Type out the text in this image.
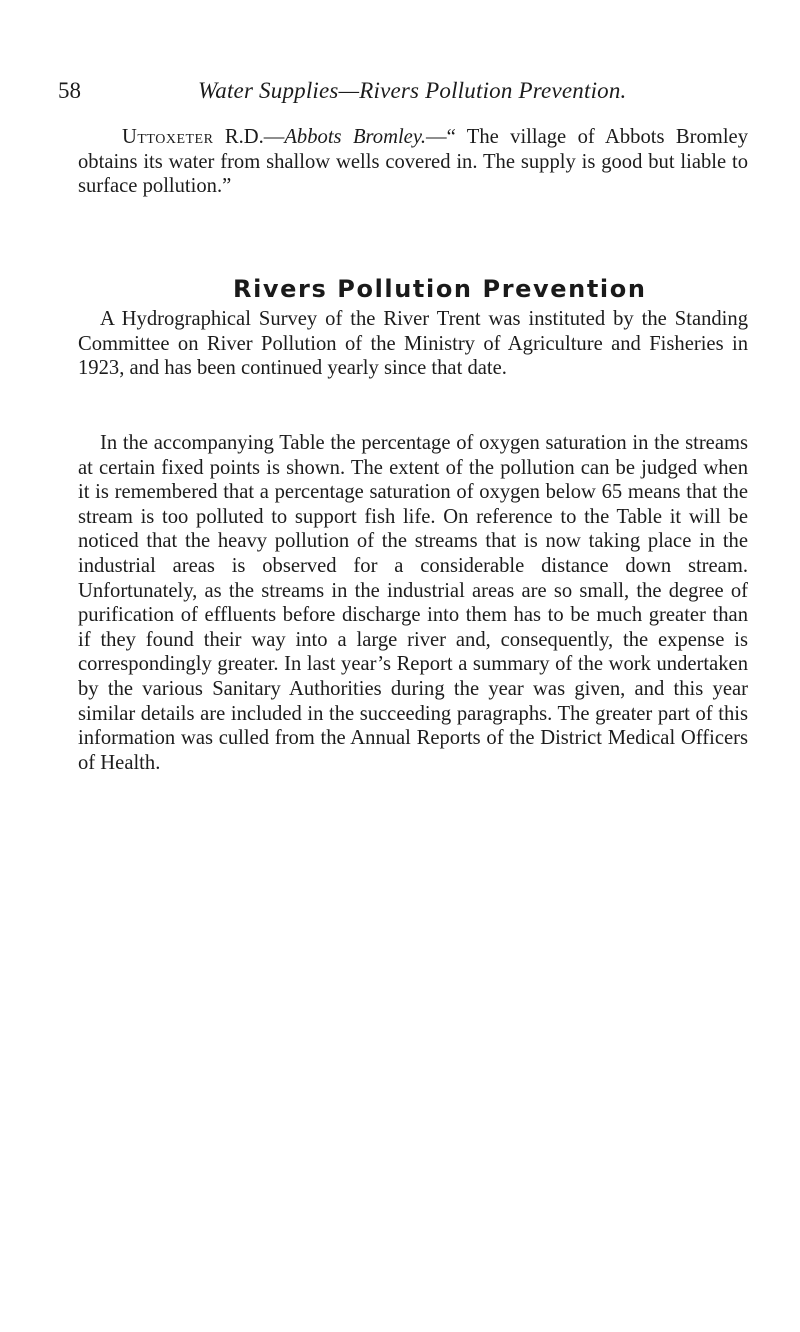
58	Water Supplies—Rivers Pollution Prevention.

Uttoxeter R.D.—Abbots Bromley.—“ The village of Abbots Bromley obtains its water from shallow wells covered in. The supply is good but liable to surface pollution.”

Rivers Pollution Prevention

A Hydrographical Survey of the River Trent was instituted by the Standing Committee on River Pollution of the Ministry of Agriculture and Fisheries in 1923, and has been continued yearly since that date.

In the accompanying Table the percentage of oxygen saturation in the streams at certain fixed points is shown. The extent of the pollution can be judged when it is remembered that a percentage saturation of oxygen below 65 means that the stream is too polluted to support fish life. On reference to the Table it will be noticed that the heavy pollution of the streams that is now taking place in the industrial areas is observed for a considerable distance down stream. Unfortunately, as the streams in the industrial areas are so small, the degree of purification of effluents before discharge into them has to be much greater than if they found their way into a large river and, consequently, the expense is correspondingly greater. In last year’s Report a summary of the work undertaken by the various Sanitary Authorities during the year was given, and this year similar details are included in the succeeding paragraphs. The greater part of this information was culled from the Annual Reports of the District Medical Officers of Health.
